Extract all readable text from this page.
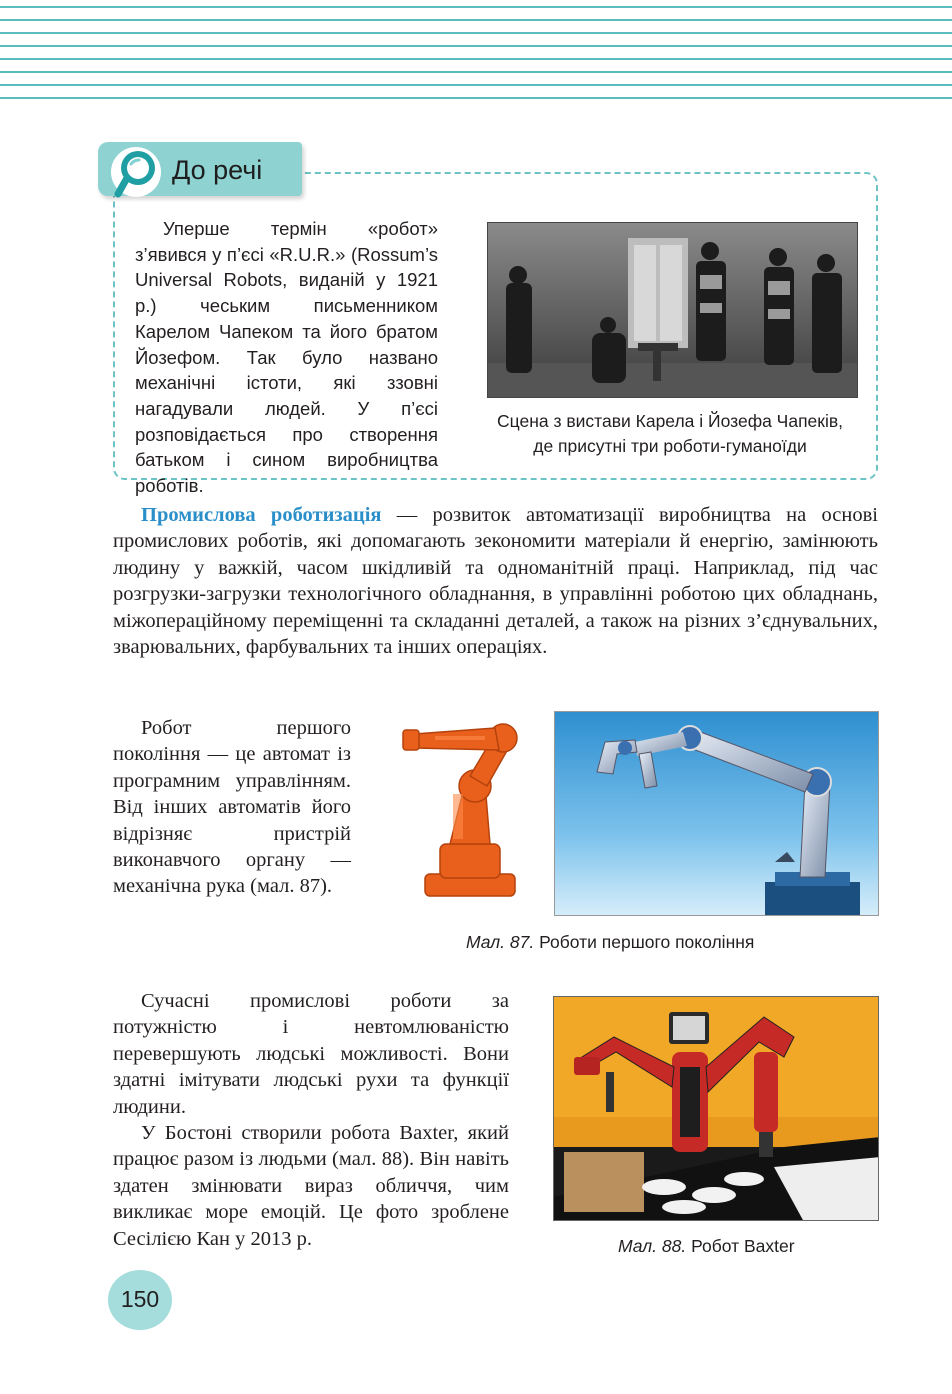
До речі

Уперше термін «робот» з’явився у п’єсі «R.U.R.» (Rossum’s Universal Robots, виданій у 1921 р.) чеським письменником Карелом Чапеком та його братом Йозефом. Так було названо механічні істоти, які ззовні нагадували людей. У п’єсі розповідається про створення батьком і сином виробництва роботів.

Сцена з вистави Карела і Йозефа Чапеків,
де присутні три роботи-гуманоїди

Промислова роботизація — розвиток автоматизації виробництва на основі промислових роботів, які допомагають зекономити матеріали й енергію, замінюють людину у важкій, часом шкідливій та одноманітній праці. Наприклад, під час розгрузки-загрузки технологічного обладнання, в управлінні роботою цих обладнань, міжопераційному переміщенні та складанні деталей, а також на різних з’єднувальних, зварювальних, фарбувальних та інших операціях.

Робот першого покоління — це автомат із програмним управлінням. Від інших автоматів його відрізняє пристрій виконавчого органу — механічна рука (мал. 87).

Мал. 87. Роботи першого покоління

Сучасні промислові роботи за потужністю і невтомлюваністю перевершують людські можливості. Вони здатні імітувати людські рухи та функції людини.

У Бостоні створили робота Baxter, який працює разом із людьми (мал. 88). Він навіть здатен змінювати вираз обличчя, чим викликає море емоцій. Це фото зроблене Сесілією Кан у 2013 р.	Мал. 88. Робот Baxter
150
